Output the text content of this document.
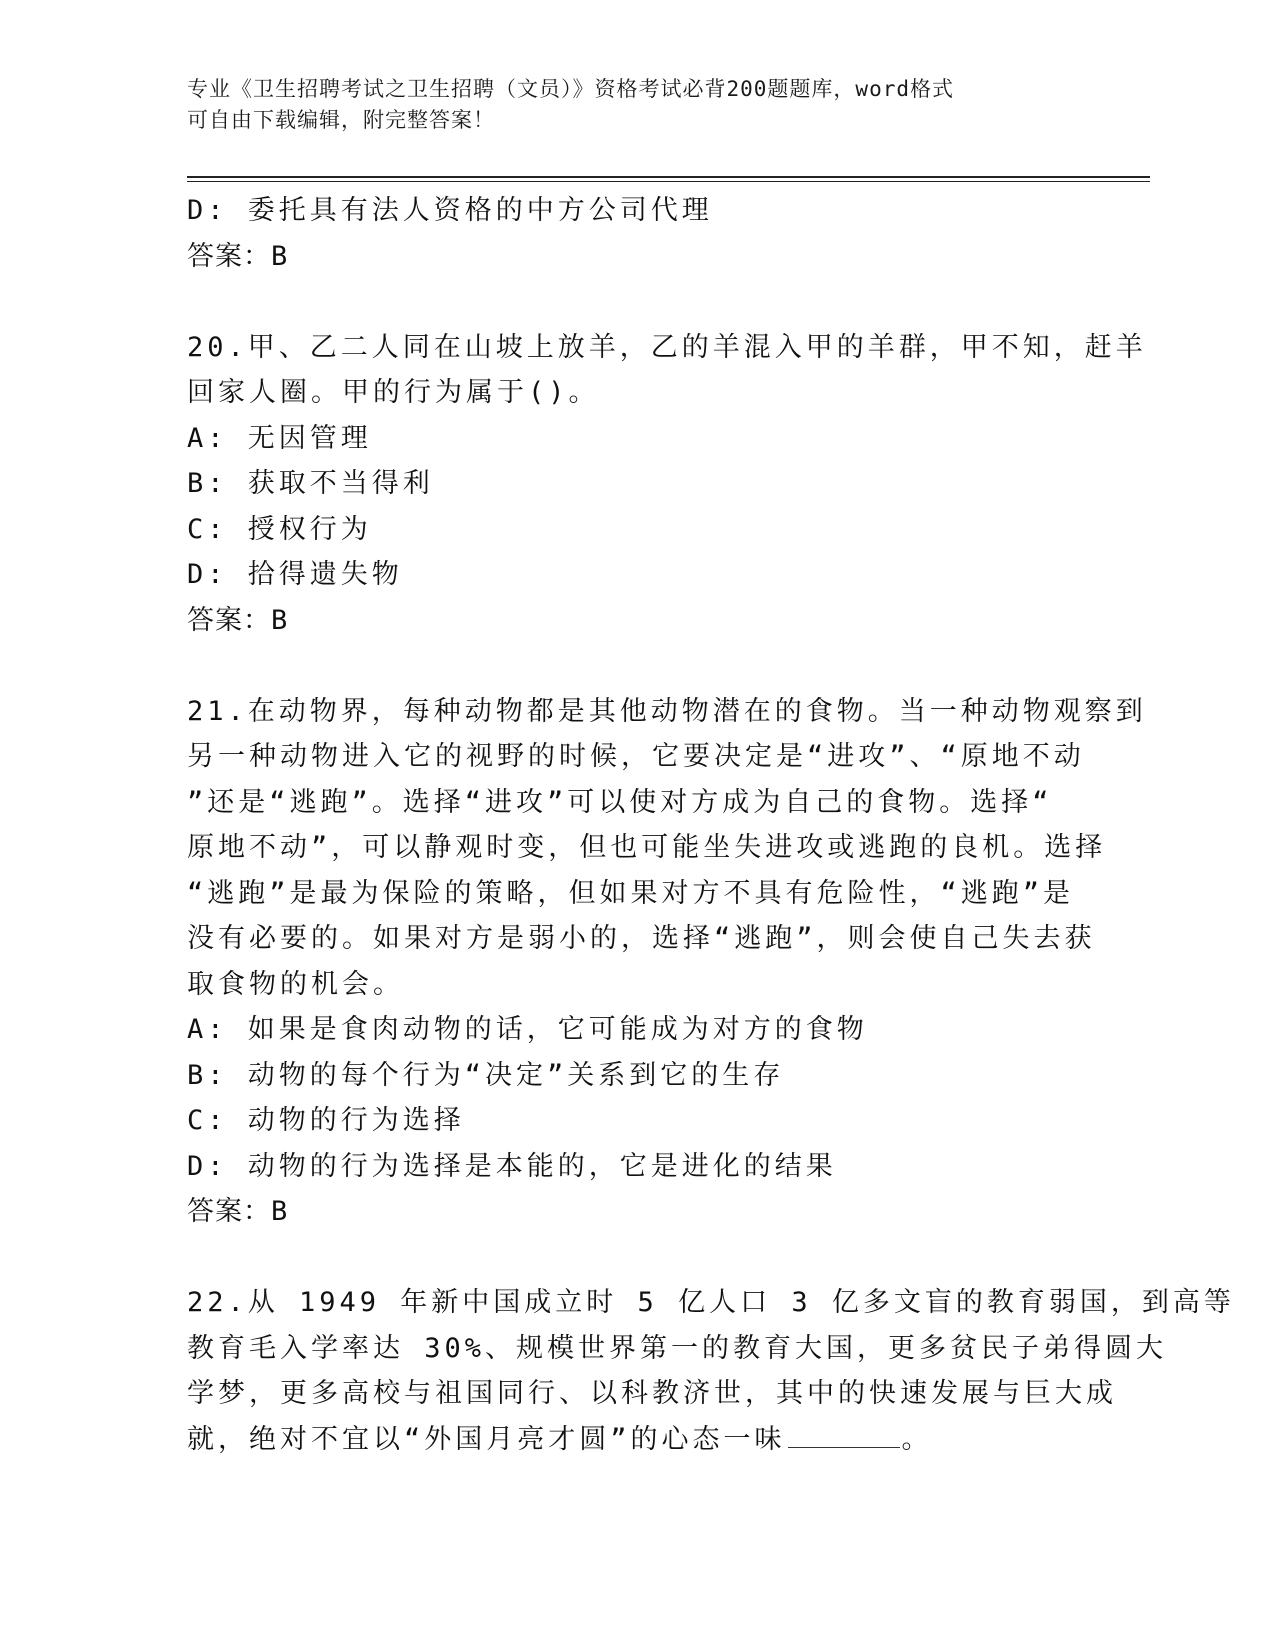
专业《卫生招聘考试之卫生招聘（文员）》资格考试必背200题题库，word格式
可自由下载编辑，附完整答案！
D: 委托具有法人资格的中方公司代理
答案：B
20.甲、乙二人同在山坡上放羊，乙的羊混入甲的羊群，甲不知，赶羊
回家人圈。甲的行为属于()。
A: 无因管理
B: 获取不当得利
C: 授权行为
D: 拾得遗失物
答案：B
21.在动物界，每种动物都是其他动物潜在的食物。当一种动物观察到
另一种动物进入它的视野的时候，它要决定是“进攻”、“原地不动
”还是“逃跑”。选择“进攻”可以使对方成为自己的食物。选择“
原地不动”，可以静观时变，但也可能坐失进攻或逃跑的良机。选择
“逃跑”是最为保险的策略，但如果对方不具有危险性，“逃跑”是
没有必要的。如果对方是弱小的，选择“逃跑”，则会使自己失去获
取食物的机会。
A: 如果是食肉动物的话，它可能成为对方的食物
B: 动物的每个行为“决定”关系到它的生存
C: 动物的行为选择
D: 动物的行为选择是本能的，它是进化的结果
答案：B
22.从 1949 年新中国成立时 5 亿人口 3 亿多文盲的教育弱国，到高等
教育毛入学率达 30%、规模世界第一的教育大国，更多贫民子弟得圆大
学梦，更多高校与祖国同行、以科教济世，其中的快速发展与巨大成
就，绝对不宜以“外国月亮才圆”的心态一味	。
